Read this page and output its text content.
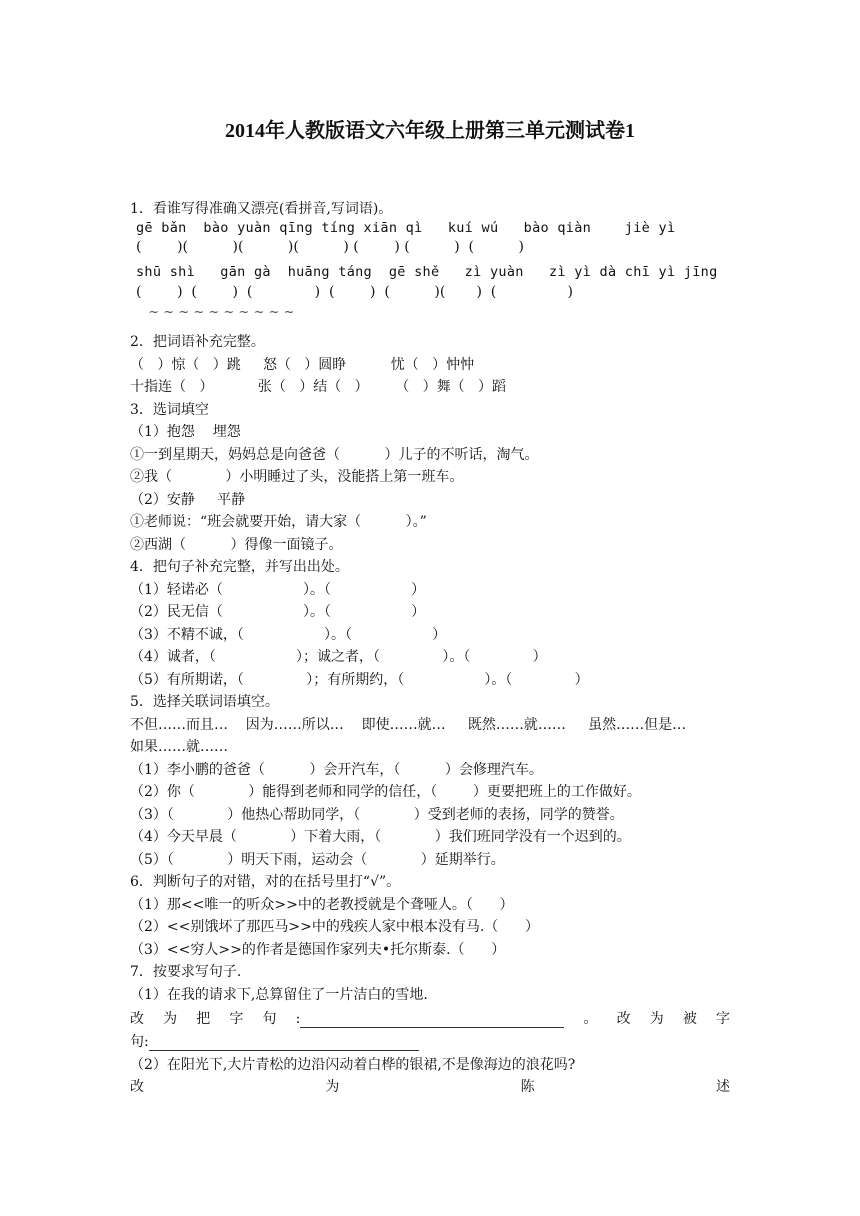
2014年人教版语文六年级上册第三单元测试卷1
1．看谁写得准确又漂亮(看拼音,写词语)。
gē bǎn  bào yuàn qīng tíng xiān qì   kuí wú   bào qiàn    jiè yì
(        )(          )(          )(          ) (        ) (          )  (          )
shū shì   gān gà  huāng táng  gē shě   zì yuàn   zì yì dà chī yì jīng
(        )  (        )  (              )  (        )  (          )(       )  (                )
~ ~ ~ ~ ~ ~ ~ ~ ~ ~
2．把词语补充完整。
（   ）惊（   ）跳     怒（   ）圆睁          忧（   ）忡忡
十指连（   ）          张（   ）结（   ）      （   ）舞（   ）蹈
3．选词填空
（1）抱怨    埋怨
①一到星期天，妈妈总是向爸爸（          ）儿子的不听话，淘气。
②我（            ）小明睡过了头，没能搭上第一班车。
（2）安静     平静
①老师说：“班会就要开始，请大家（          ）。”
②西湖（          ）得像一面镜子。
4．把句子补充完整，并写出出处。
（1）轻诺必（                  ）。（                  ）
（2）民无信（                  ）。（                  ）
（3）不精不诚，（                  ）。（                  ）
（4）诚者，（                  ）；诚之者，（              ）。（              ）
（5）有所期诺，（              ）；有所期约，（                  ）。（              ）
5．选择关联词语填空。
不但……而且…    因为……所以…    即使……就…     既然……就……     虽然……但是…
如果……就……
（1）李小鹏的爸爸（          ）会开汽车，（          ）会修理汽车。
（2）你（            ）能得到老师和同学的信任，（        ）更要把班上的工作做好。
（3）（            ）他热心帮助同学，（            ）受到老师的表扬，同学的赞誉。
（4）今天早晨（            ）下着大雨，（            ）我们班同学没有一个迟到的。
（5）（            ）明天下雨，运动会（            ）延期举行。
6．判断句子的对错，对的在括号里打“√”。
（1）那<<唯一的听众>>中的老教授就是个聋哑人。（      ）
（2）<<别饿坏了那匹马>>中的残疾人家中根本没有马.（      ）
（3）<<穷人>>的作者是德国作家列夫•托尔斯泰.（      ）
7．按要求写句子.
（1）在我的请求下,总算留住了一片洁白的雪地.
改 为 把 字 句 :	。 改 为 被 字
句:
（2）在阳光下,大片青松的边沿闪动着白桦的银裙,不是像海边的浪花吗?
改	为	陈	述
